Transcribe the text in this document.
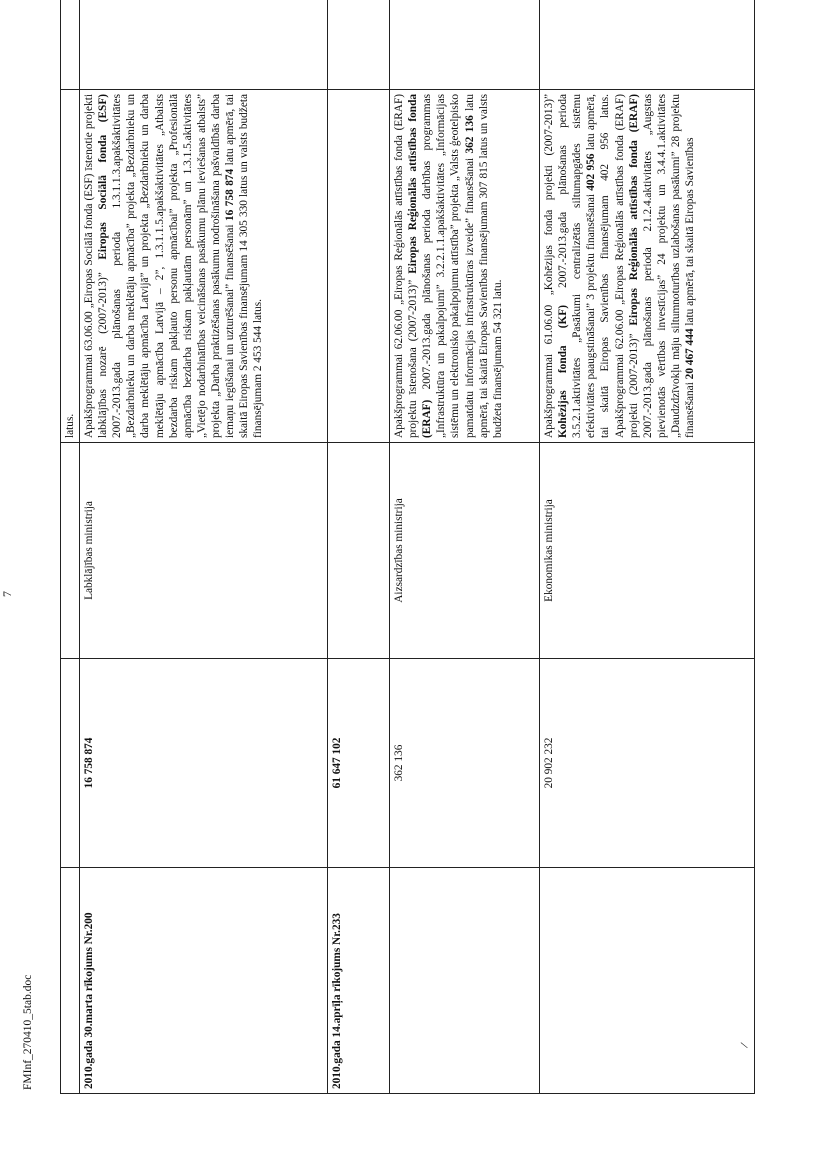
FMInf_270410_5tab.doc
7
/
			latus.	
2010.gada 30.marta rīkojums Nr.200	16 758 874	Labklājības ministrija	Apakšprogrammai 63.06.00 „Eiropas Sociālā fonda (ESF) īstenotie projekti labklājības nozarē (2007-2013)” Eiropas Sociālā fonda (ESF) 2007.-2013.gada plānošanas perioda 1.3.1.1.3.apakšaktivitātes „Bezdarbnieku un darba meklētāju apmācība” projekta „Bezdarbnieku un darba meklētāju apmācība Latvijā” un projekta „Bezdarbnieku un darba meklētāju apmācība Latvijā – 2”, 1.3.1.1.5.apakšaktivitātes „Atbalsts bezdarba riskam pakļauto personu apmācībai” projekta „Profesionālā apmācība bezdarba riskam pakļautām personām” un 1.3.1.5.aktivitātes „Vietējo nodarbinātības veicināšanas pasākumu plānu ieviešanas atbalsts” projekta „Darba praktizēšanas pasākumu nodrošināšana pašvaldībās darba iemaņu iegūšanai un uzturēšanai” finansēšanai 16 758 874 latu apmērā, tai skaitā Eiropas Savienības finansējumam 14 305 330 latus un valsts budžeta finansējumam 2 453 544 latus.	
2010.gada 14.aprīļa rīkojums Nr.233	61 647 102			
	362 136	Aizsardzības ministrija	Apakšprogrammai 62.06.00 „Eiropas Reģionālās attīstības fonda (ERAF) projektu īstenošana (2007-2013)” Eiropas Reģionālās attīstības fonda (ERAF) 2007.-2013.gada plānošanas perioda darbības programmas „Infrastruktūra un pakalpojumi” 3.2.2.1.1.apakšaktivitātes „Informācijas sistēmu un elektronisko pakalpojumu attīstība” projekta „Valsts ģeotelpisko pamatdatu informācijas infrastruktūras izveide” finansēšanai 362 136 latu apmērā, tai skaitā Eiropas Savienības finansējumam 307 815 latus un valsts budžeta finansējumam 54 321 latu.	
	20 902 232	Ekonomikas ministrija	Apakšprogrammai 61.06.00 „Kohēzijas fonda projekti (2007-2013)” Kohēzijas fonda (KF) 2007.-2013.gada plānošanas perioda 3.5.2.1.aktivitātes „Pasākumi centralizētās siltumapgādes sistēmu efektivitātes paaugstināšanai” 3 projektu finansēšanai 402 956 latu apmērā, tai skaitā Eiropas Savienības finansējumam 402 956 latus. Apakšprogrammai 62.06.00 „Eiropas Reģionālās attīstības fonda (ERAF) projekti (2007-2013)” Eiropas Reģionālās attīstības fonda (ERAF) 2007.-2013.gada plānošanas perioda 2.1.2.4.aktivitātes „Augstas pievienotās vērtības investīcijas” 24 projektu un 3.4.4.1.aktivitātes „Daudzdzīvokļu māju siltumnoturības uzlabošanas pasākumi” 28 projektu finansēšanai 20 467 444 latu apmērā, tai skaitā Eiropas Savienības	
